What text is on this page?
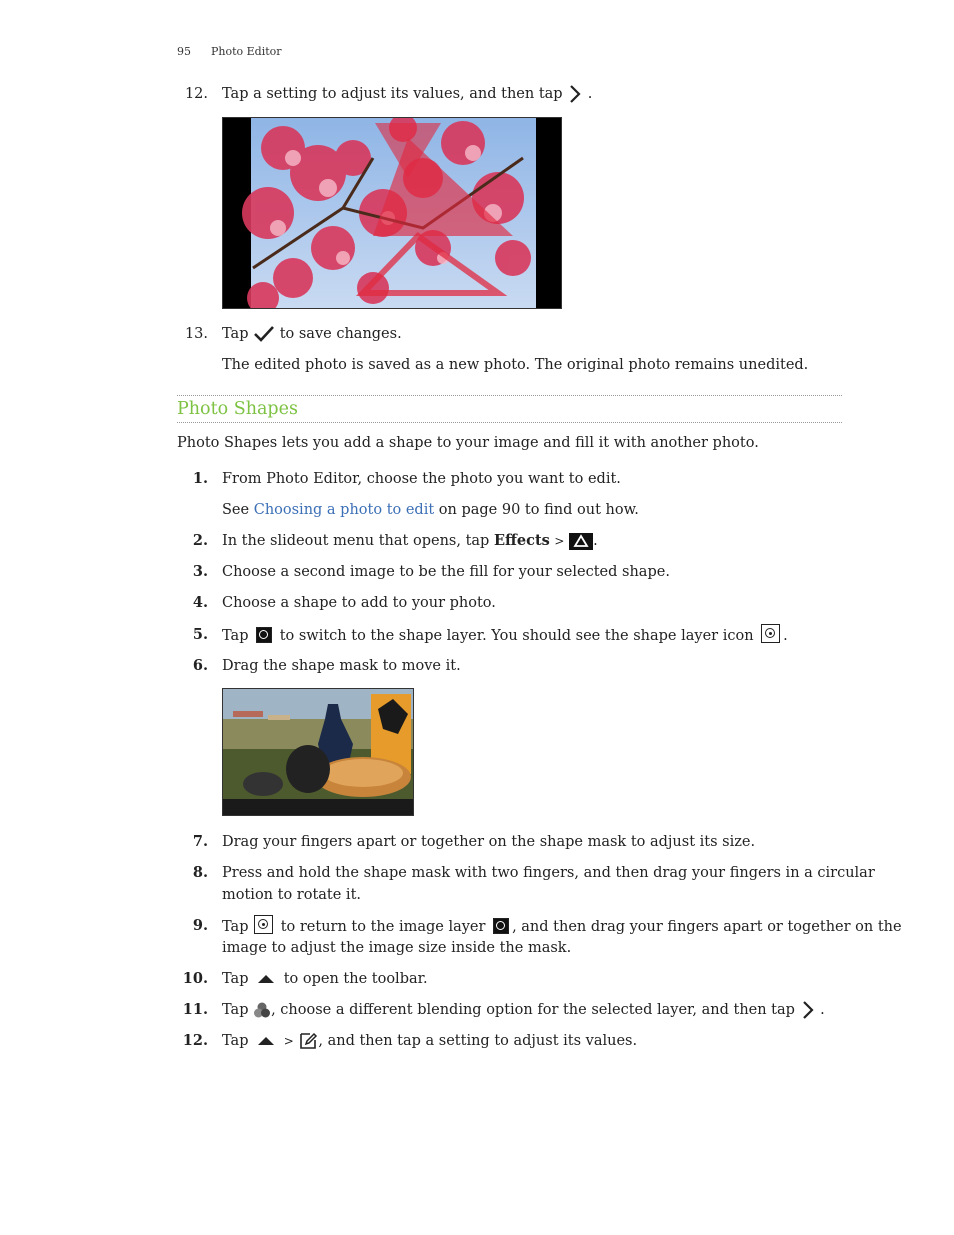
95 Photo Editor
12. Tap a setting to adjust its values, and then tap .
13. Tap to save changes.
The edited photo is saved as a new photo. The original photo remains unedited.
Photo Shapes
Photo Shapes lets you add a shape to your image and fill it with another photo.
1. From Photo Editor, choose the photo you want to edit.
See Choosing a photo to edit on page 90 to find out how.
2. In the slideout menu that opens, tap Effects > .
3. Choose a second image to be the fill for your selected shape.
4. Choose a shape to add to your photo.
5. Tap to switch to the shape layer. You should see the shape layer icon .
6. Drag the shape mask to move it.

7. Drag your fingers apart or together on the shape mask to adjust its size.
8. Press and hold the shape mask with two fingers, and then drag your fingers in a circular
motion to rotate it.
9. Tap to return to the image layer , and then drag your fingers apart or together on the
image to adjust the image size inside the mask.
10. Tap to open the toolbar.
11. Tap , choose a different blending option for the selected layer, and then tap .
12. Tap	> , and then tap a setting to adjust its values.
